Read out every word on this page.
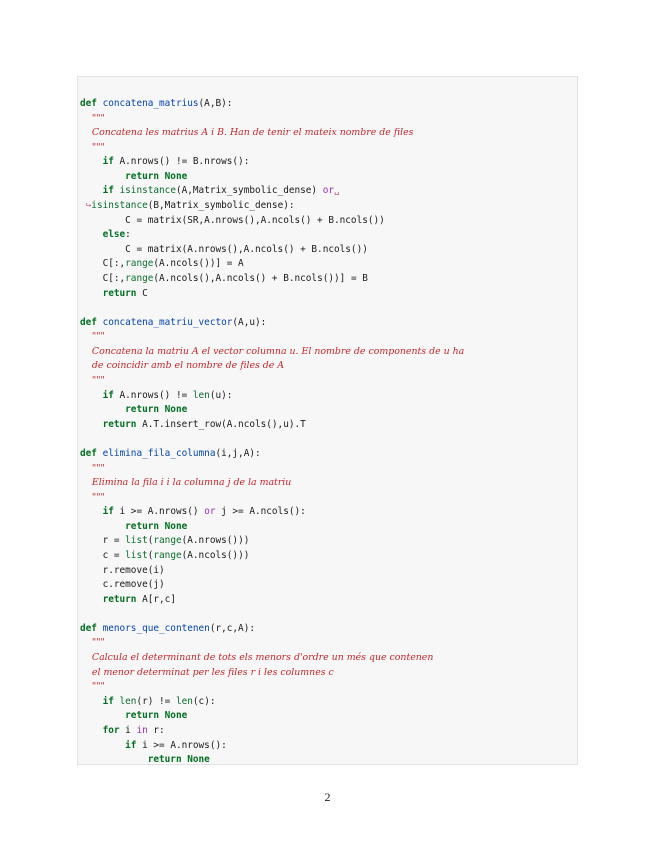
def concatena_matrius(A,B):
"""
Concatena les matrius A i B. Han de tenir el mateix nombre de files
"""
if A.nrows() != B.nrows():
return None
if isinstance(A,Matrix_symbolic_dense) or␣
↪isinstance(B,Matrix_symbolic_dense):
C = matrix(SR,A.nrows(),A.ncols() + B.ncols())
else:
C = matrix(A.nrows(),A.ncols() + B.ncols())
C[:,range(A.ncols())] = A
C[:,range(A.ncols(),A.ncols() + B.ncols())] = B
return C
def concatena_matriu_vector(A,u):
"""
Concatena la matriu A el vector columna u. El nombre de components de u ha
de coincidir amb el nombre de files de A
"""
if A.nrows() != len(u):
return None
return A.T.insert_row(A.ncols(),u).T
def elimina_fila_columna(i,j,A):
"""
Elimina la fila i i la columna j de la matriu
"""
if i >= A.nrows() or j >= A.ncols():
return None
r = list(range(A.nrows()))
c = list(range(A.ncols()))
r.remove(i)
c.remove(j)
return A[r,c]
def menors_que_contenen(r,c,A):
"""
Calcula el determinant de tots els menors d'ordre un més que contenen
el menor determinat per les files r i les columnes c
"""
if len(r) != len(c):
return None
for i in r:
if i >= A.nrows():
return None
2
